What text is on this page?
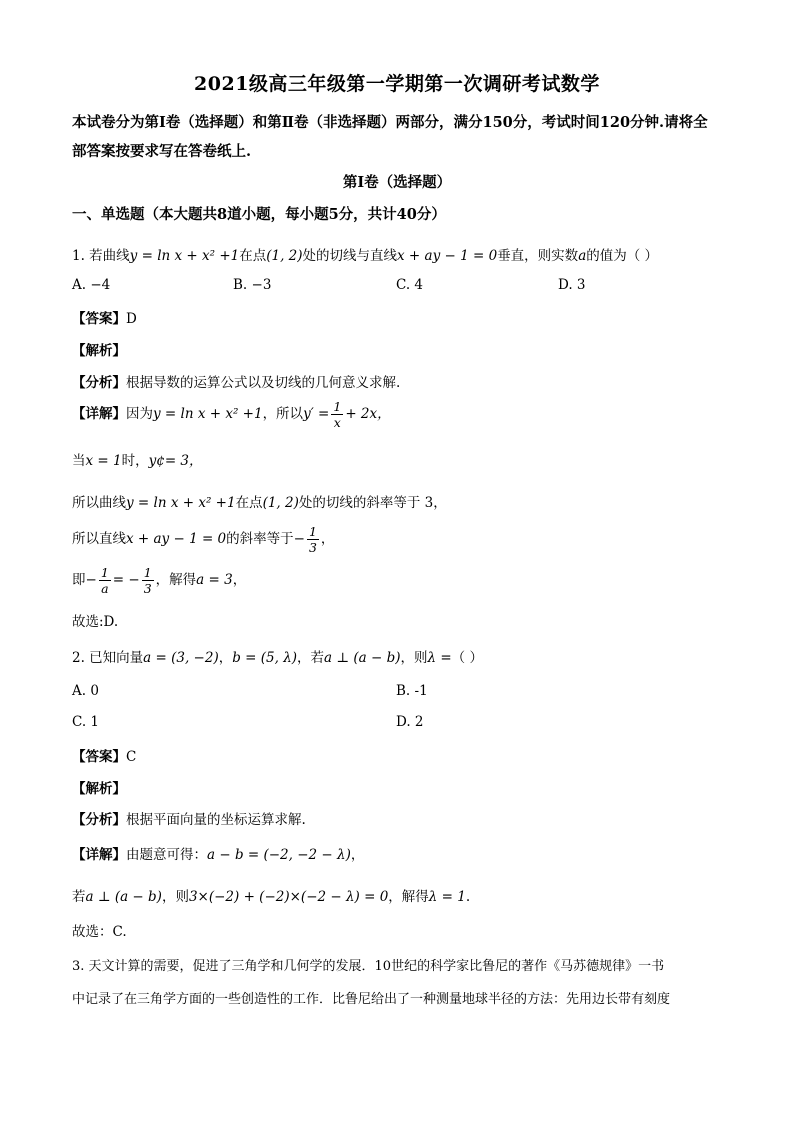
2021级高三年级第一学期第一次调研考试数学
本试卷分为第Ⅰ卷（选择题）和第Ⅱ卷（非选择题）两部分，满分150分，考试时间120分钟.请将全部答案按要求写在答卷纸上.
第Ⅰ卷（选择题）
一、单选题（本大题共8道小题，每小题5分，共计40分）
1. 若曲线y = ln x + x² +1在点(1, 2)处的切线与直线x + ay − 1 = 0垂直，则实数a的值为（ ）
A. −4	B. −3	C. 4	D. 3
【答案】D
【解析】
【分析】根据导数的运算公式以及切线的几何意义求解.
【详解】因为y = ln x + x² +1，所以$y' = \frac{1}{x} + 2x$，
当x = 1时，y¢= 3，
所以曲线y = ln x + x² +1在点(1, 2)处的切线的斜率等于 3，
所以直线x + ay − 1 = 0的斜率等于− $\frac{1}{3}$ ，
即− $\frac{1}{a}$ = − $\frac{1}{3}$ ，解得a = 3，
故选:D.
2. 已知向量a = (3, −2)，b = (5, λ)，若a ⊥ (a − b)，则λ =（ ）
A. 0	B. -1
C. 1	D. 2
【答案】C
【解析】
【分析】根据平面向量的坐标运算求解.
【详解】由题意可得：a − b = (−2, −2 − λ)，
若a ⊥ (a − b)，则3×(−2) + (−2)×(−2 − λ) = 0，解得λ = 1.
故选：C.
3. 天文计算的需要，促进了三角学和几何学的发展．10世纪的科学家比鲁尼的著作《马苏德规律》一书
中记录了在三角学方面的一些创造性的工作．比鲁尼给出了一种测量地球半径的方法：先用边长带有刻度
